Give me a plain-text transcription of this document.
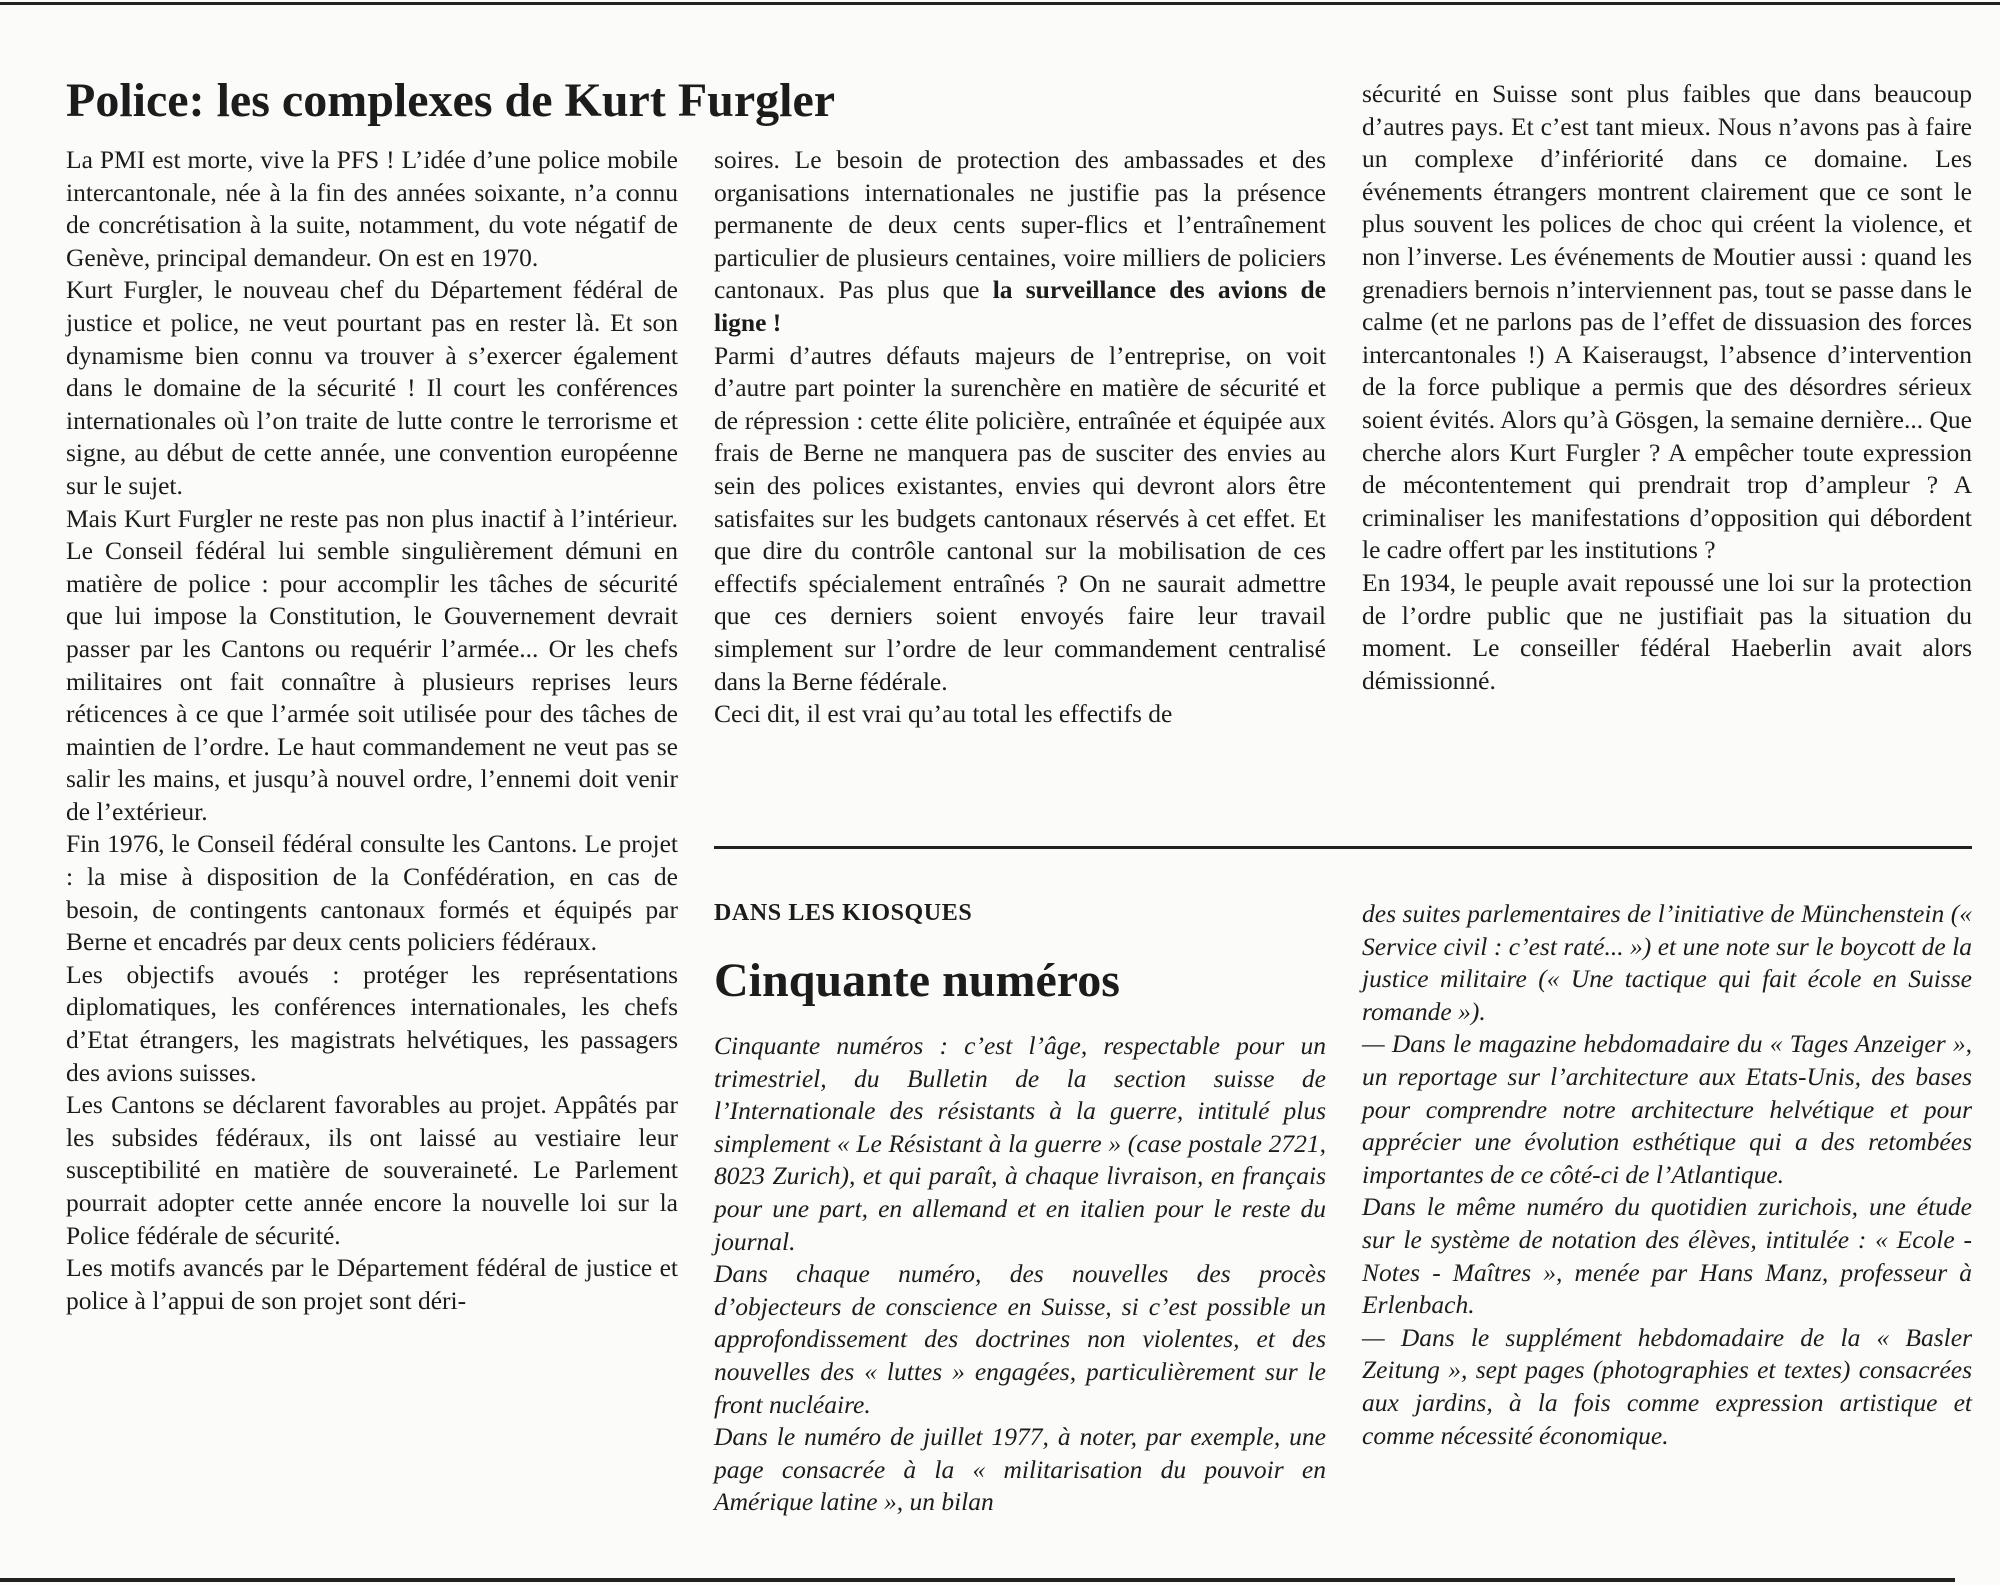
Police: les complexes de Kurt Furgler

La PMI est morte, vive la PFS ! L’idée d’une police mobile intercantonale, née à la fin des années soixante, n’a connu de concrétisation à la suite, notamment, du vote négatif de Genève, principal demandeur. On est en 1970.

Kurt Furgler, le nouveau chef du Département fédéral de justice et police, ne veut pourtant pas en rester là. Et son dynamisme bien connu va trouver à s’exercer également dans le domaine de la sécurité ! Il court les conférences internationales où l’on traite de lutte contre le terrorisme et signe, au début de cette année, une convention européenne sur le sujet.

Mais Kurt Furgler ne reste pas non plus inactif à l’intérieur. Le Conseil fédéral lui semble singulièrement démuni en matière de police : pour accomplir les tâches de sécurité que lui impose la Constitution, le Gouvernement devrait passer par les Cantons ou requérir l’armée... Or les chefs militaires ont fait connaître à plusieurs reprises leurs réticences à ce que l’armée soit utilisée pour des tâches de maintien de l’ordre. Le haut commandement ne veut pas se salir les mains, et jusqu’à nouvel ordre, l’ennemi doit venir de l’extérieur.

Fin 1976, le Conseil fédéral consulte les Cantons. Le projet : la mise à disposition de la Confédération, en cas de besoin, de contingents cantonaux formés et équipés par Berne et encadrés par deux cents policiers fédéraux.

Les objectifs avoués : protéger les représentations diplomatiques, les conférences internationales, les chefs d’Etat étrangers, les magistrats helvétiques, les passagers des avions suisses.

Les Cantons se déclarent favorables au projet. Appâtés par les subsides fédéraux, ils ont laissé au vestiaire leur susceptibilité en matière de souveraineté. Le Parlement pourrait adopter cette année encore la nouvelle loi sur la Police fédérale de sécurité.

Les motifs avancés par le Département fédéral de justice et police à l’appui de son projet sont déri-

soires. Le besoin de protection des ambassades et des organisations internationales ne justifie pas la présence permanente de deux cents super-flics et l’entraînement particulier de plusieurs centaines, voire milliers de policiers cantonaux. Pas plus que la surveillance des avions de ligne !

Parmi d’autres défauts majeurs de l’entreprise, on voit d’autre part pointer la surenchère en matière de sécurité et de répression : cette élite policière, entraînée et équipée aux frais de Berne ne manquera pas de susciter des envies au sein des polices existantes, envies qui devront alors être satisfaites sur les budgets cantonaux réservés à cet effet. Et que dire du contrôle cantonal sur la mobilisation de ces effectifs spécialement entraînés ? On ne saurait admettre que ces derniers soient envoyés faire leur travail simplement sur l’ordre de leur commandement centralisé dans la Berne fédérale.

Ceci dit, il est vrai qu’au total les effectifs de

sécurité en Suisse sont plus faibles que dans beaucoup d’autres pays. Et c’est tant mieux. Nous n’avons pas à faire un complexe d’infériorité dans ce domaine. Les événements étrangers montrent clairement que ce sont le plus souvent les polices de choc qui créent la violence, et non l’inverse. Les événements de Moutier aussi : quand les grenadiers bernois n’interviennent pas, tout se passe dans le calme (et ne parlons pas de l’effet de dissuasion des forces intercantonales !) A Kaiseraugst, l’absence d’intervention de la force publique a permis que des désordres sérieux soient évités. Alors qu’à Gösgen, la semaine dernière... Que cherche alors Kurt Furgler ? A empêcher toute expression de mécontentement qui prendrait trop d’ampleur ? A criminaliser les manifestations d’opposition qui débordent le cadre offert par les institutions ?

En 1934, le peuple avait repoussé une loi sur la protection de l’ordre public que ne justifiait pas la situation du moment. Le conseiller fédéral Haeberlin avait alors démissionné.

DANS LES KIOSQUES
Cinquante numéros

Cinquante numéros : c’est l’âge, respectable pour un trimestriel, du Bulletin de la section suisse de l’Internationale des résistants à la guerre, intitulé plus simplement « Le Résistant à la guerre » (case postale 2721, 8023 Zurich), et qui paraît, à chaque livraison, en français pour une part, en allemand et en italien pour le reste du journal.

Dans chaque numéro, des nouvelles des procès d’objecteurs de conscience en Suisse, si c’est possible un approfondissement des doctrines non violentes, et des nouvelles des « luttes » engagées, particulièrement sur le front nucléaire.

Dans le numéro de juillet 1977, à noter, par exemple, une page consacrée à la « militarisation du pouvoir en Amérique latine », un bilan

des suites parlementaires de l’initiative de Münchenstein (« Service civil : c’est raté... ») et une note sur le boycott de la justice militaire (« Une tactique qui fait école en Suisse romande »).

— Dans le magazine hebdomadaire du « Tages Anzeiger », un reportage sur l’architecture aux Etats-Unis, des bases pour comprendre notre architecture helvétique et pour apprécier une évolution esthétique qui a des retombées importantes de ce côté-ci de l’Atlantique.

Dans le même numéro du quotidien zurichois, une étude sur le système de notation des élèves, intitulée : « Ecole - Notes - Maîtres », menée par Hans Manz, professeur à Erlenbach.

— Dans le supplément hebdomadaire de la « Basler Zeitung », sept pages (photographies et textes) consacrées aux jardins, à la fois comme expression artistique et comme nécessité économique.
